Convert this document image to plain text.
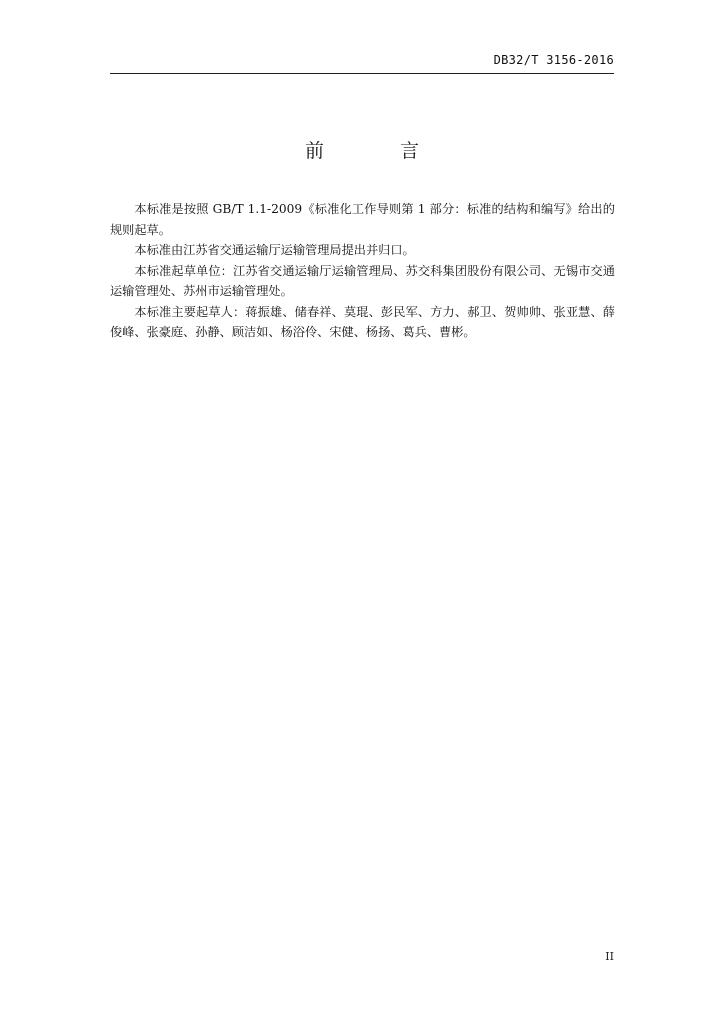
DB32/T 3156-2016
前 言

本标准是按照 GB/T 1.1-2009《标准化工作导则第 1 部分：标准的结构和编写》给出的规则起草。

本标准由江苏省交通运输厅运输管理局提出并归口。

本标准起草单位：江苏省交通运输厅运输管理局、苏交科集团股份有限公司、无锡市交通运输管理处、苏州市运输管理处。

本标准主要起草人：蒋振雄、储春祥、莫琨、彭民军、方力、郝卫、贺帅帅、张亚慧、薛俊峰、张豪庭、孙静、顾洁如、杨浴伶、宋健、杨扬、葛兵、曹彬。

II
